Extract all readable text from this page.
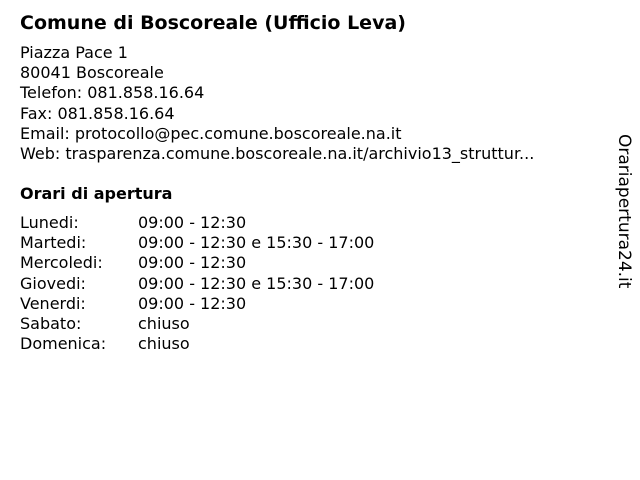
Comune di Boscoreale (Ufficio Leva)
Piazza Pace 1
80041 Boscoreale
Telefon: 081.858.16.64
Fax: 081.858.16.64
Email: protocollo@pec.comune.boscoreale.na.it
Web: trasparenza.comune.boscoreale.na.it/archivio13_struttur...
Orari di apertura
Lunedi:	09:00 - 12:30
Martedi:	09:00 - 12:30 e 15:30 - 17:00
Mercoledi: 09:00 - 12:30
Giovedi:	09:00 - 12:30 e 15:30 - 17:00
Venerdi:	09:00 - 12:30
Sabato:	chiuso
Domenica: chiuso
Orariapertura24.it
